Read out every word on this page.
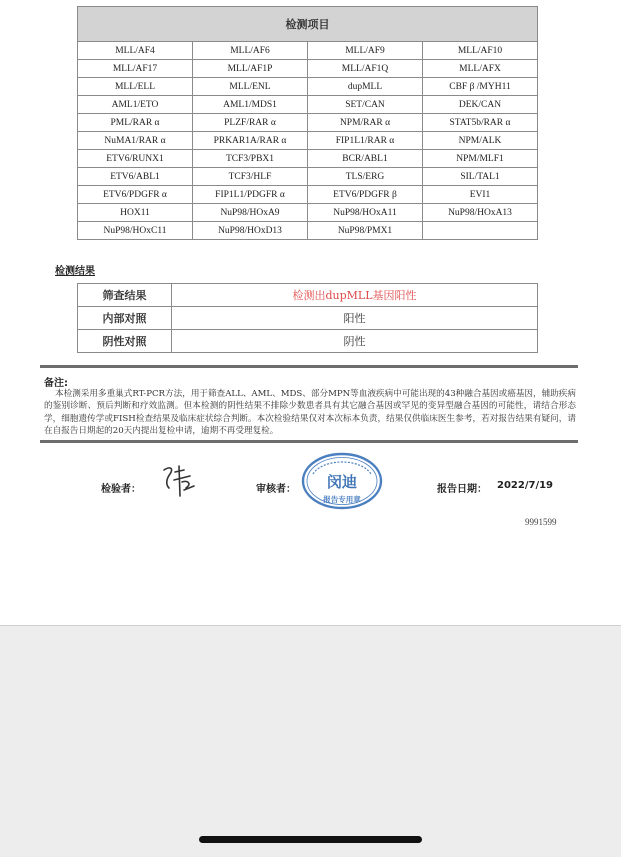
检测项目			
MLL/AF4	MLL/AF6	MLL/AF9	MLL/AF10
MLL/AF17	MLL/AF1P	MLL/AF1Q	MLL/AFX
MLL/ELL	MLL/ENL	dupMLL	CBF β /MYH11
AML1/ETO	AML1/MDS1	SET/CAN	DEK/CAN
PML/RAR α	PLZF/RAR α	NPM/RAR α	STAT5b/RAR α
NuMA1/RAR α	PRKAR1A/RAR α	FIP1L1/RAR α	NPM/ALK
ETV6/RUNX1	TCF3/PBX1	BCR/ABL1	NPM/MLF1
ETV6/ABL1	TCF3/HLF	TLS/ERG	SIL/TAL1
ETV6/PDGFR α	FIP1L1/PDGFR α	ETV6/PDGFR β	EVI1
HOX11	NuP98/HOxA9	NuP98/HOxA11	NuP98/HOxA13
NuP98/HOxC11	NuP98/HOxD13	NuP98/PMX1	
检测结果
筛查结果	检测出dupMLL基因阳性
内部对照	阳性
阴性对照	阴性
备注:
本检测采用多重巢式RT-PCR方法，用于筛查ALL、AML、MDS、部分MPN等血液疾病中可能出现的43种融合基因或癌基因，辅助疾病的鉴别诊断、预后判断和疗效监测。但本检测的阴性结果不排除少数患者具有其它融合基因或罕见的变异型融合基因的可能性，请结合形态学，细胞遗传学或FISH检查结果及临床症状综合判断。本次检验结果仅对本次标本负责，结果仅供临床医生参考，若对报告结果有疑问，请在自报告日期起的20天内提出复检申请，逾期不再受理复检。
检验者：	审核者： 闵迪
报告专用章
报告日期： 2022/7/19
9991599
